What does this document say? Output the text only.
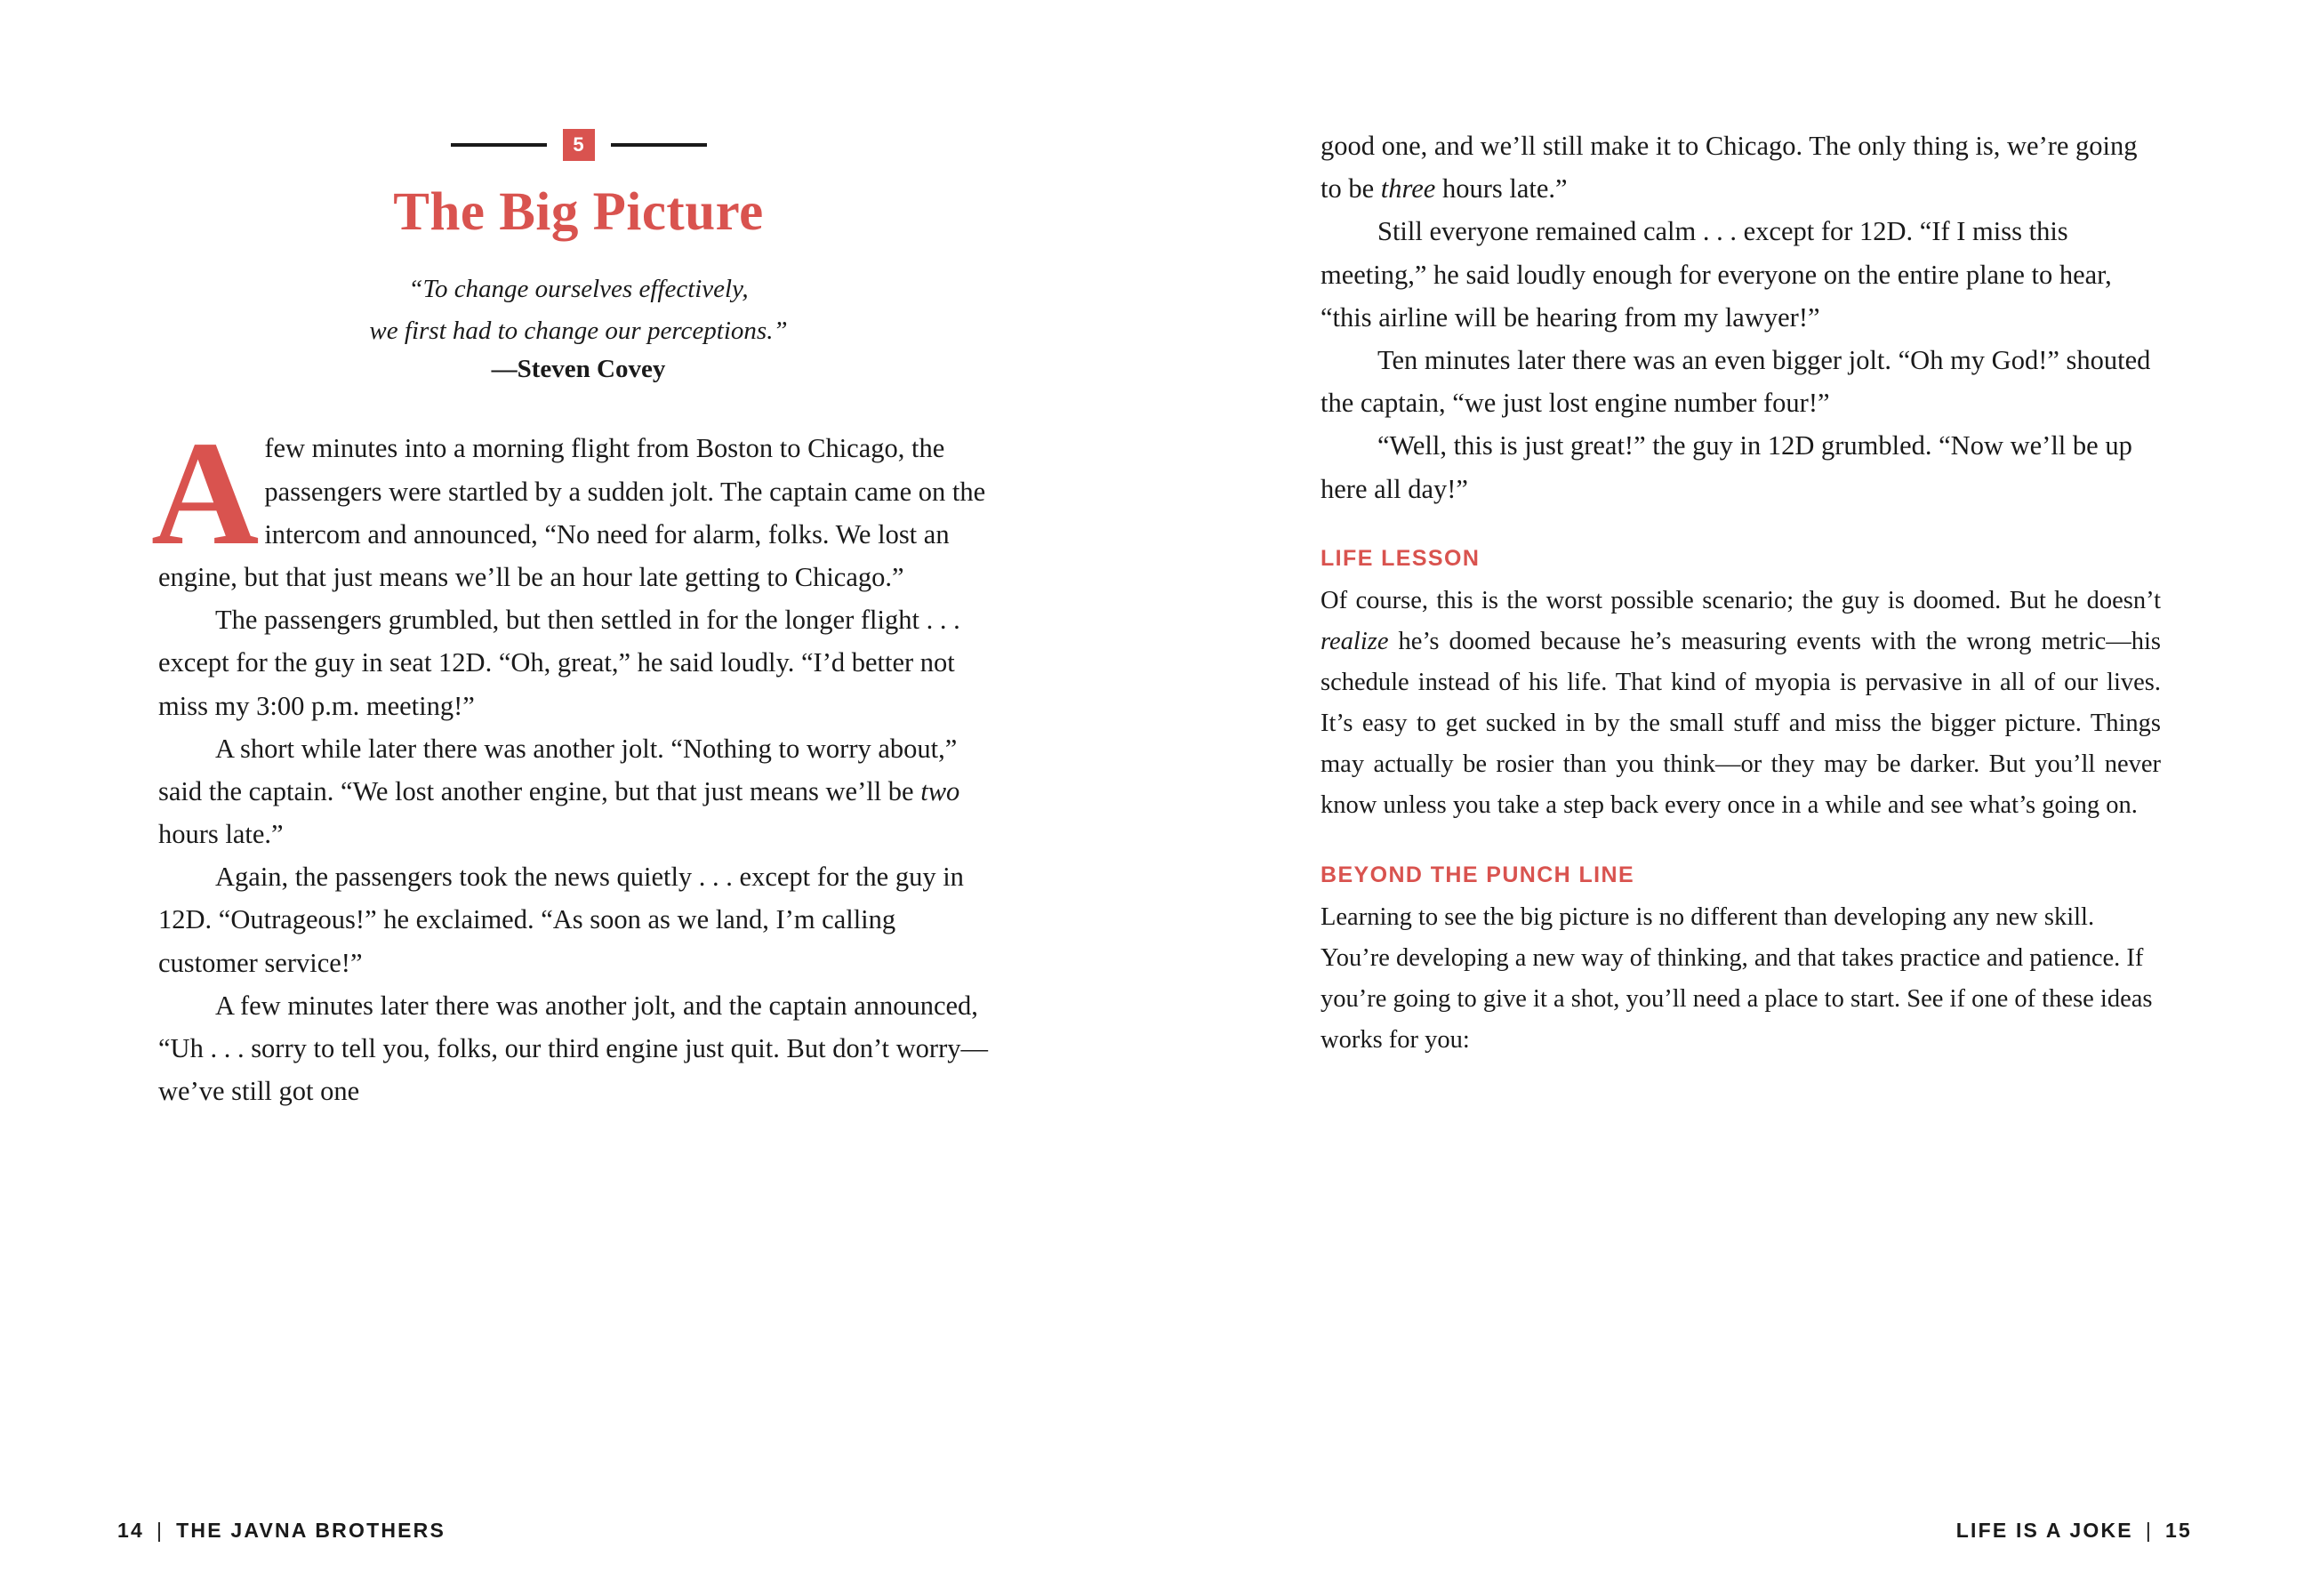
5
The Big Picture
“To change ourselves effectively,
we first had to change our perceptions.”
—Steven Covey

Afew minutes into a morning flight from Boston to Chicago, the passengers were startled by a sudden jolt. The captain came on the intercom and announced, “No need for alarm, folks. We lost an engine, but that just means we’ll be an hour late getting to Chicago.”

The passengers grumbled, but then settled in for the longer flight . . . except for the guy in seat 12D. “Oh, great,” he said loudly. “I’d better not miss my 3:00 p.m. meeting!”

A short while later there was another jolt. “Nothing to worry about,” said the captain. “We lost another engine, but that just means we’ll be two hours late.”

Again, the passengers took the news quietly . . . except for the guy in 12D. “Outrageous!” he exclaimed. “As soon as we land, I’m calling customer service!”

A few minutes later there was another jolt, and the captain announced, “Uh . . . sorry to tell you, folks, our third engine just quit. But don’t worry—we’ve still got one

14 | THE JAVNA BROTHERS

good one, and we’ll still make it to Chicago. The only thing is, we’re going to be three hours late.”

Still everyone remained calm . . . except for 12D. “If I miss this meeting,” he said loudly enough for everyone on the entire plane to hear, “this airline will be hearing from my lawyer!”

Ten minutes later there was an even bigger jolt. “Oh my God!” shouted the captain, “we just lost engine number four!”

“Well, this is just great!” the guy in 12D grumbled. “Now we’ll be up here all day!”

LIFE LESSON

Of course, this is the worst possible scenario; the guy is doomed. But he doesn’t realize he’s doomed because he’s measuring events with the wrong metric—his schedule instead of his life. That kind of myopia is pervasive in all of our lives. It’s easy to get sucked in by the small stuff and miss the bigger picture. Things may actually be rosier than you think—or they may be darker. But you’ll never know unless you take a step back every once in a while and see what’s going on.

BEYOND THE PUNCH LINE

Learning to see the big picture is no different than developing any new skill. You’re developing a new way of thinking, and that takes practice and patience. If you’re going to give it a shot, you’ll need a place to start. See if one of these ideas works for you:

LIFE IS A JOKE | 15
